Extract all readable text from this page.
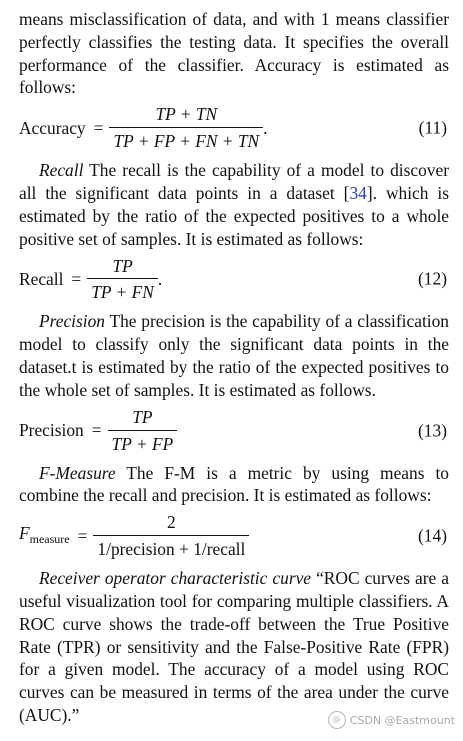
means misclassification of data, and with 1 means classifier perfectly classifies the testing data. It specifies the overall performance of the classifier. Accuracy is estimated as follows:

Accuracy = $\frac{TP + TN}{TP + FP + FN + TN}$ .	(11)

Recall The recall is the capability of a model to discover all the significant data points in a dataset [34]. which is estimated by the ratio of the expected positives to a whole positive set of samples. It is estimated as follows:

Recall = $\frac{TP}{TP + FN}$ .	(12)

Precision The precision is the capability of a classification model to classify only the significant data points in the dataset.t is estimated by the ratio of the expected positives to the whole set of samples. It is estimated as follows.

Precision = $\frac{TP}{TP + FP}$	(13)

F-Measure The F-M is a metric by using means to combine the recall and precision. It is estimated as follows:

$F_{measure} = \frac{2}{\text{1/precision + 1/recall}}$	(14)

Receiver operator characteristic curve “ROC curves are a useful visualization tool for comparing multiple classifiers. A ROC curve shows the trade-off between the True Positive Rate (TPR) or sensitivity and the False-Positive Rate (FPR) for a given model. The accuracy of a model using ROC curves can be measured in terms of the area under the curve (AUC).”	◎ CSDN @Eastmount
